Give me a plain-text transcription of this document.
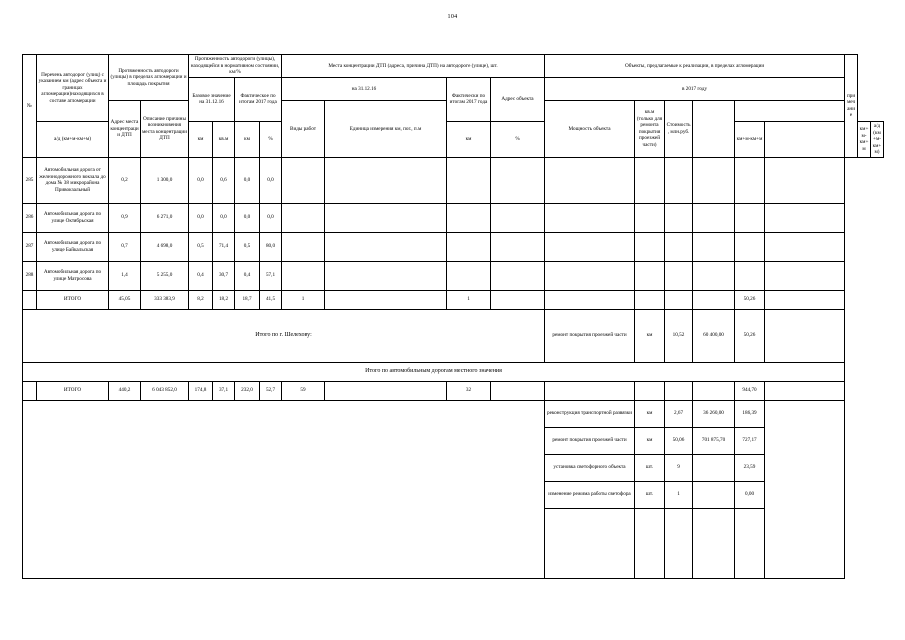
104
№	Перечень автодорог (улиц) с указанием км (адрес объекта и границах агломерации)находящихся в составе агломерации	Протяженность автодороги (улицы) в пределах агломерации и площадь покрытия		Протяженность автодороги (улицы), находящейся в нормативном состоянии, км/%				Места концентрации ДТП (адреса, причина ДТП) на автодороге (улице), шт.				Объекты, предлагаемые к реализации, в пределах агломерации						примечание		
				Базовое значение на 31.12.16		Фактическое по итогам 2017 года		на 31.12.16		Фактически по итогам 2017 года	Адрес объекта	в 2017 году								
		Адрес места концентрации ДТП	Описание причины возникновения места концентрации ДТП					Виды работ	Единица измерения км, пог., п.м			Мощность объекта	кв.м (только для ремонта покрытия проезжей части)	Стоимость, млн.руб.						
	а/д (км+м-км+м)			км	кв.м	км	%			км	%					км+м-км+м			км+м-км+м	а/д (км+м-км+м)
285	Автомобильная дорога от железнодорожного вокзала до дома № 38 микрорайона Привокзальный	0,2	1 300,0	0,0	0,6	0,0	0,0													
286	Автомобильная дорога по улице Октябрьская	0,9	6 271,0	0,0	0,0	0,0	0,0													
287	Автомобильная дорога по улице Байкальская	0,7	4 698,0	0,5	71,4	0,5	80,0													
288	Автомобильная дорога по улице Матросова	1,4	5 255,0	0,4	30,7	0,4	57,1													
	ИТОГО	45,05	333 383,9	8,2	18,2	18,7	41,5	1		1						50,26				
Итого по г. Шелехову:												ремонт покрытия проезжей части	км	10,52	60 400,00	50,26				
Итого по автомобильным дорогам местного значения																				
	ИТОГО	440,2	6 043 852,0	174,8	37,1	232,0	52,7	59		32						944,70				
												реконструкция транспортной развязки	км	2,67	36 260,00	186,39				
												ремонт покрытия проезжей части	км	50,06	701 875,70	727,17				
												установка светофорного объекта	шт.	9		23,59				
												изменение режима работы светофора	шт.	1		0,00				
